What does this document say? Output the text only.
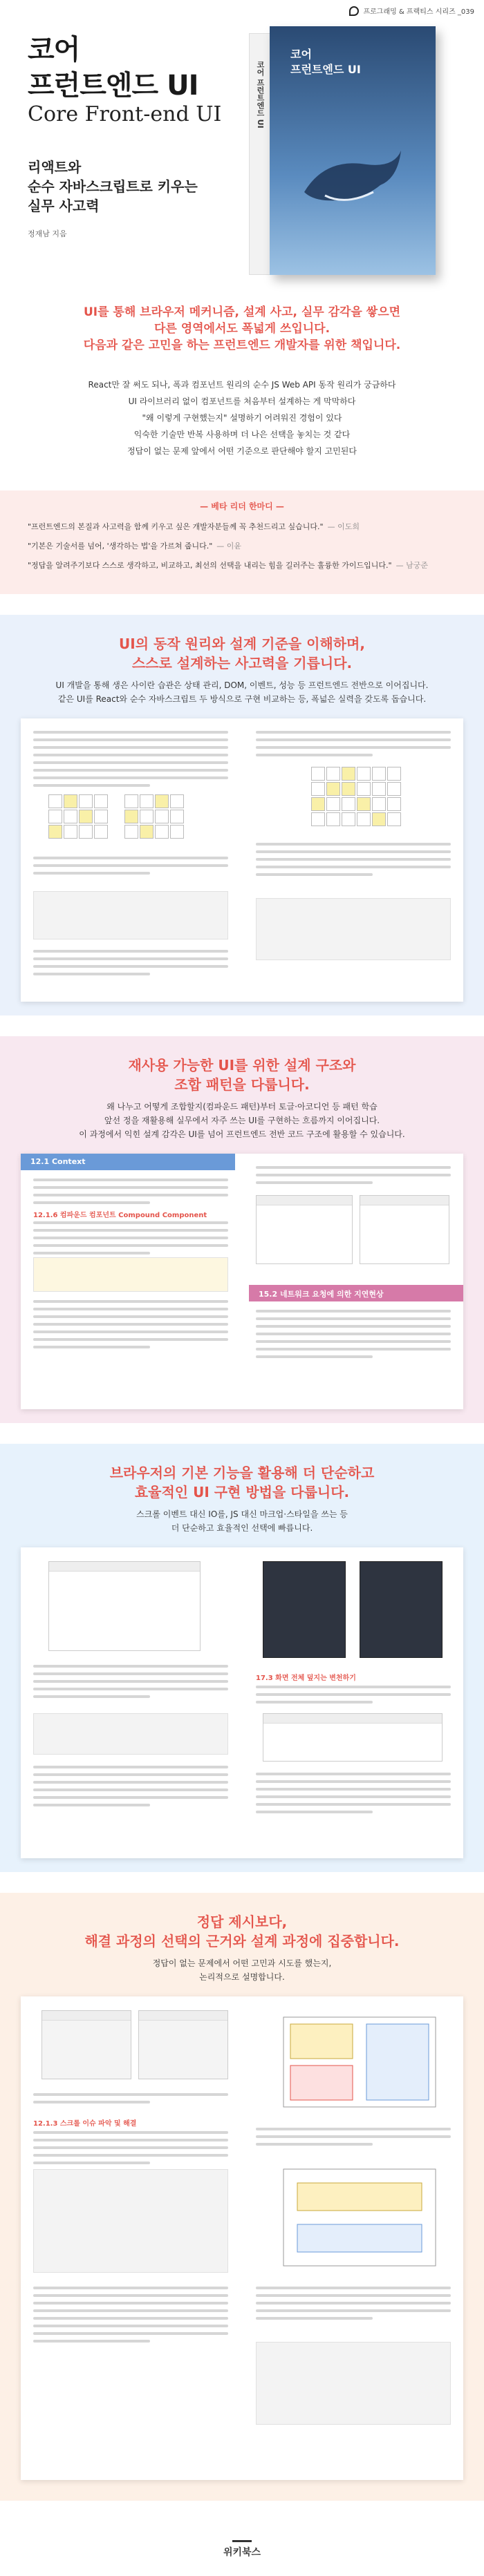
프로그래밍 & 프랙티스 시리즈 _039
코어
프런트엔드 UI
Core Front-end UI
리액트와
순수 자바스크립트로 키우는
실무 사고력
정재남 지음
코어 프런트엔드 UI
코어
프런트엔드 UI
UI를 통해 브라우저 메커니즘, 설계 사고, 실무 감각을 쌓으면
다른 영역에서도 폭넓게 쓰입니다.
다음과 같은 고민을 하는 프런트엔드 개발자를 위한 책입니다.
React만 잘 써도 되나, 폭과 컴포넌트 원리의 순수 JS Web API 동작 원리가 궁금하다
UI 라이브러리 없이 컴포넌트를 처음부터 설계하는 게 막막하다
"왜 이렇게 구현했는지" 설명하기 어려워진 경험이 있다
익숙한 기술만 반복 사용하며 더 나은 선택을 놓치는 것 같다
정답이 없는 문제 앞에서 어떤 기준으로 판단해야 할지 고민된다
— 베타 리더 한마디 —
"프런트엔드의 본질과 사고력을 함께 키우고 싶은 개발자분들께 꼭 추천드리고 싶습니다." — 이도희
"기본은 기술서를 넘어, '생각하는 법'을 가르쳐 줍니다." — 이윤
"정답을 알려주기보다 스스로 생각하고, 비교하고, 최선의 선택을 내리는 힘을 길러주는 훌륭한 가이드입니다." — 남궁준
UI의 동작 원리와 설계 기준을 이해하며,
스스로 설계하는 사고력을 기릅니다.
UI 개발을 통해 생은 사이란 습관은 상태 관리, DOM, 이벤트, 성능 등 프런트엔드 전반으로 이어집니다.
같은 UI를 React와 순수 자바스크립트 두 방식으로 구현 비교하는 등, 폭넓은 실력을 갖도록 돕습니다.
재사용 가능한 UI를 위한 설계 구조와
조합 패턴을 다룹니다.
왜 나누고 어떻게 조합할지(컴파운드 패턴)부터 토글·아코디언 등 패턴 학습
앞선 정을 재활용해 실무에서 자주 쓰는 UI를 구현하는 흐름까지 이어집니다.
이 과정에서 익힌 설계 감각은 UI를 넘어 프런트엔드 전반 코드 구조에 활용할 수 있습니다.
12.1 Context
12.1.6 컴파운드 컴포넌트 Compound Component
15.2 네트워크 요청에 의한 지연현상
브라우저의 기본 기능을 활용해 더 단순하고
효율적인 UI 구현 방법을 다룹니다.
스크롤 이벤트 대신 IO를, JS 대신 마크업·스타일을 쓰는 등
더 단순하고 효율적인 선택에 빠릅니다.
17.3 화면 전체 덮지는 변천하기
정답 제시보다,
해결 과정의 선택의 근거와 설계 과정에 집중합니다.
정답이 없는 문제에서 어떤 고민과 시도를 했는지,
논리적으로 설명합니다.
12.1.3 스크롤 이슈 파악 및 해결
위키북스
